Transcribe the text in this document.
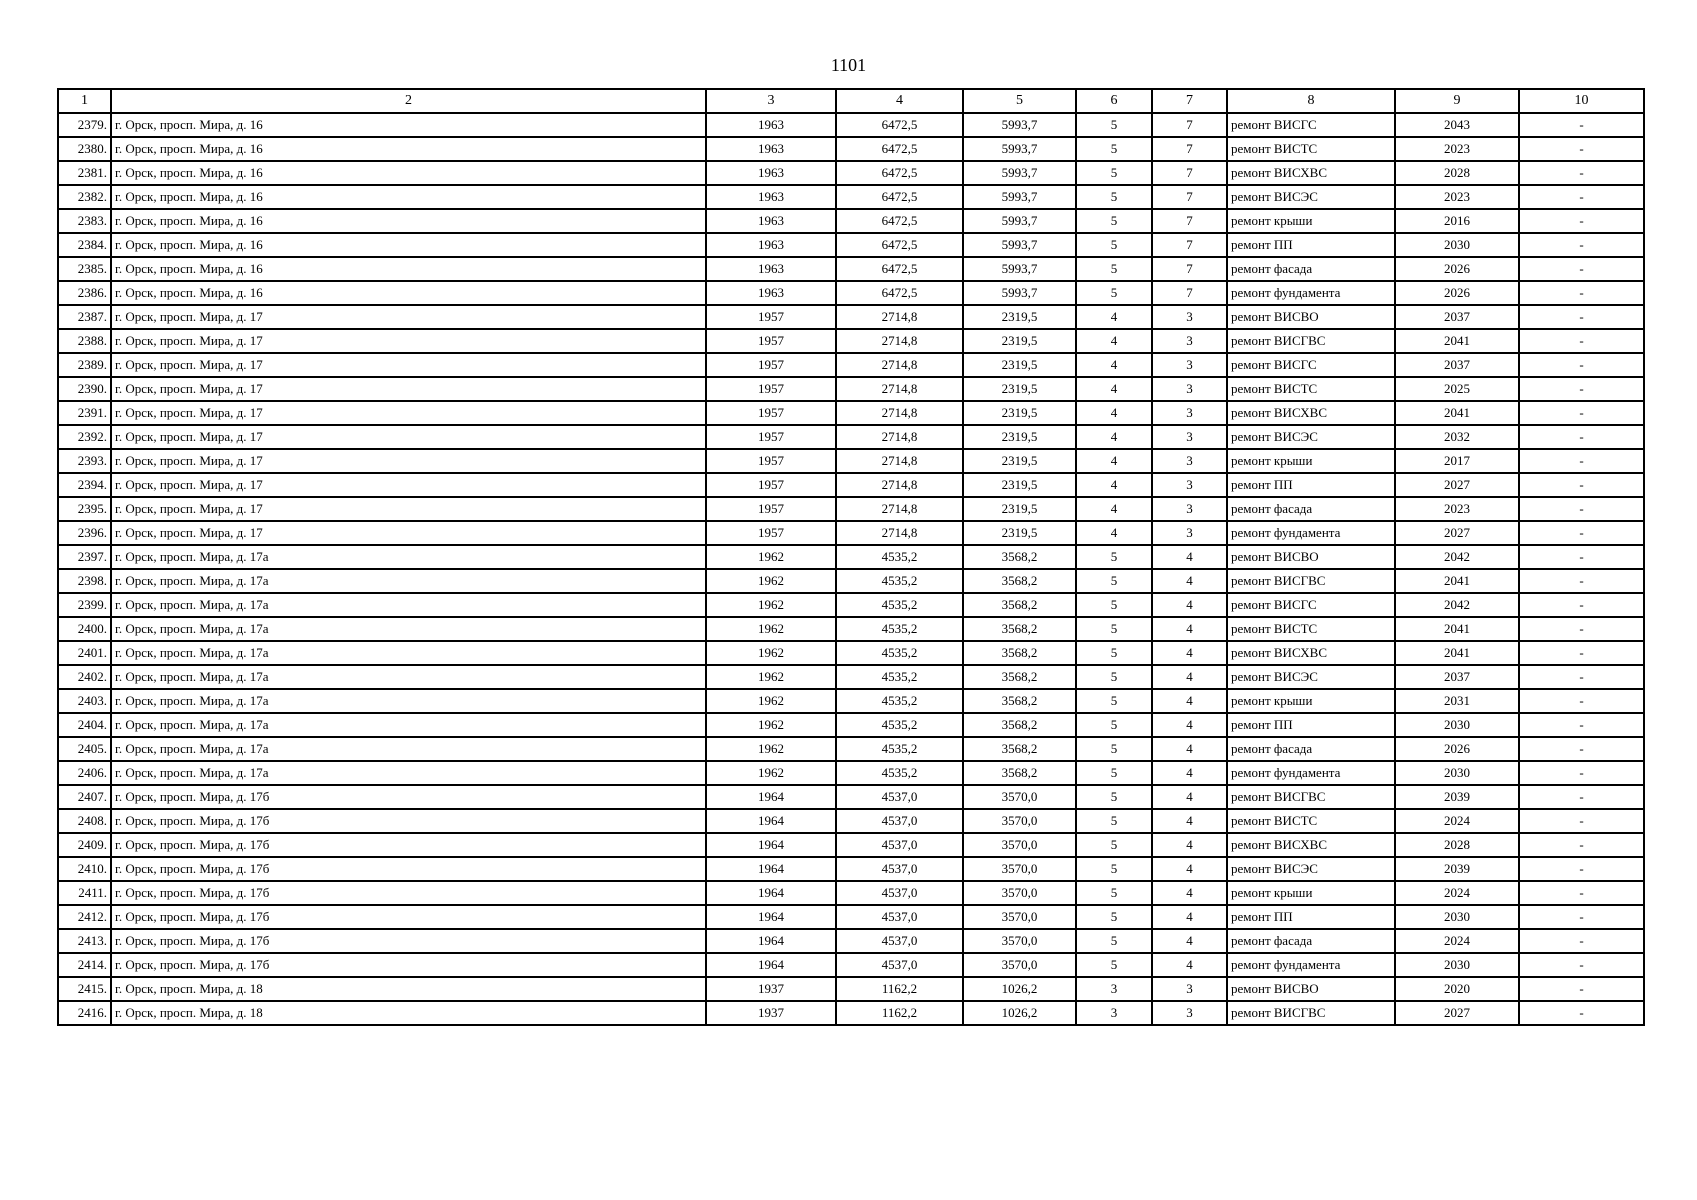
1101
1	2	3	4	5	6	7	8	9	10
2379.	г. Орск, просп. Мира, д. 16	1963	6472,5	5993,7	5	7	ремонт ВИСГС	2043	-
2380.	г. Орск, просп. Мира, д. 16	1963	6472,5	5993,7	5	7	ремонт ВИСТС	2023	-
2381.	г. Орск, просп. Мира, д. 16	1963	6472,5	5993,7	5	7	ремонт ВИСХВС	2028	-
2382.	г. Орск, просп. Мира, д. 16	1963	6472,5	5993,7	5	7	ремонт ВИСЭС	2023	-
2383.	г. Орск, просп. Мира, д. 16	1963	6472,5	5993,7	5	7	ремонт крыши	2016	-
2384.	г. Орск, просп. Мира, д. 16	1963	6472,5	5993,7	5	7	ремонт ПП	2030	-
2385.	г. Орск, просп. Мира, д. 16	1963	6472,5	5993,7	5	7	ремонт фасада	2026	-
2386.	г. Орск, просп. Мира, д. 16	1963	6472,5	5993,7	5	7	ремонт фундамента	2026	-
2387.	г. Орск, просп. Мира, д. 17	1957	2714,8	2319,5	4	3	ремонт ВИСВО	2037	-
2388.	г. Орск, просп. Мира, д. 17	1957	2714,8	2319,5	4	3	ремонт ВИСГВС	2041	-
2389.	г. Орск, просп. Мира, д. 17	1957	2714,8	2319,5	4	3	ремонт ВИСГС	2037	-
2390.	г. Орск, просп. Мира, д. 17	1957	2714,8	2319,5	4	3	ремонт ВИСТС	2025	-
2391.	г. Орск, просп. Мира, д. 17	1957	2714,8	2319,5	4	3	ремонт ВИСХВС	2041	-
2392.	г. Орск, просп. Мира, д. 17	1957	2714,8	2319,5	4	3	ремонт ВИСЭС	2032	-
2393.	г. Орск, просп. Мира, д. 17	1957	2714,8	2319,5	4	3	ремонт крыши	2017	-
2394.	г. Орск, просп. Мира, д. 17	1957	2714,8	2319,5	4	3	ремонт ПП	2027	-
2395.	г. Орск, просп. Мира, д. 17	1957	2714,8	2319,5	4	3	ремонт фасада	2023	-
2396.	г. Орск, просп. Мира, д. 17	1957	2714,8	2319,5	4	3	ремонт фундамента	2027	-
2397.	г. Орск, просп. Мира, д. 17а	1962	4535,2	3568,2	5	4	ремонт ВИСВО	2042	-
2398.	г. Орск, просп. Мира, д. 17а	1962	4535,2	3568,2	5	4	ремонт ВИСГВС	2041	-
2399.	г. Орск, просп. Мира, д. 17а	1962	4535,2	3568,2	5	4	ремонт ВИСГС	2042	-
2400.	г. Орск, просп. Мира, д. 17а	1962	4535,2	3568,2	5	4	ремонт ВИСТС	2041	-
2401.	г. Орск, просп. Мира, д. 17а	1962	4535,2	3568,2	5	4	ремонт ВИСХВС	2041	-
2402.	г. Орск, просп. Мира, д. 17а	1962	4535,2	3568,2	5	4	ремонт ВИСЭС	2037	-
2403.	г. Орск, просп. Мира, д. 17а	1962	4535,2	3568,2	5	4	ремонт крыши	2031	-
2404.	г. Орск, просп. Мира, д. 17а	1962	4535,2	3568,2	5	4	ремонт ПП	2030	-
2405.	г. Орск, просп. Мира, д. 17а	1962	4535,2	3568,2	5	4	ремонт фасада	2026	-
2406.	г. Орск, просп. Мира, д. 17а	1962	4535,2	3568,2	5	4	ремонт фундамента	2030	-
2407.	г. Орск, просп. Мира, д. 17б	1964	4537,0	3570,0	5	4	ремонт ВИСГВС	2039	-
2408.	г. Орск, просп. Мира, д. 17б	1964	4537,0	3570,0	5	4	ремонт ВИСТС	2024	-
2409.	г. Орск, просп. Мира, д. 17б	1964	4537,0	3570,0	5	4	ремонт ВИСХВС	2028	-
2410.	г. Орск, просп. Мира, д. 17б	1964	4537,0	3570,0	5	4	ремонт ВИСЭС	2039	-
2411.	г. Орск, просп. Мира, д. 17б	1964	4537,0	3570,0	5	4	ремонт крыши	2024	-
2412.	г. Орск, просп. Мира, д. 17б	1964	4537,0	3570,0	5	4	ремонт ПП	2030	-
2413.	г. Орск, просп. Мира, д. 17б	1964	4537,0	3570,0	5	4	ремонт фасада	2024	-
2414.	г. Орск, просп. Мира, д. 17б	1964	4537,0	3570,0	5	4	ремонт фундамента	2030	-
2415.	г. Орск, просп. Мира, д. 18	1937	1162,2	1026,2	3	3	ремонт ВИСВО	2020	-
2416.	г. Орск, просп. Мира, д. 18	1937	1162,2	1026,2	3	3	ремонт ВИСГВС	2027	-
